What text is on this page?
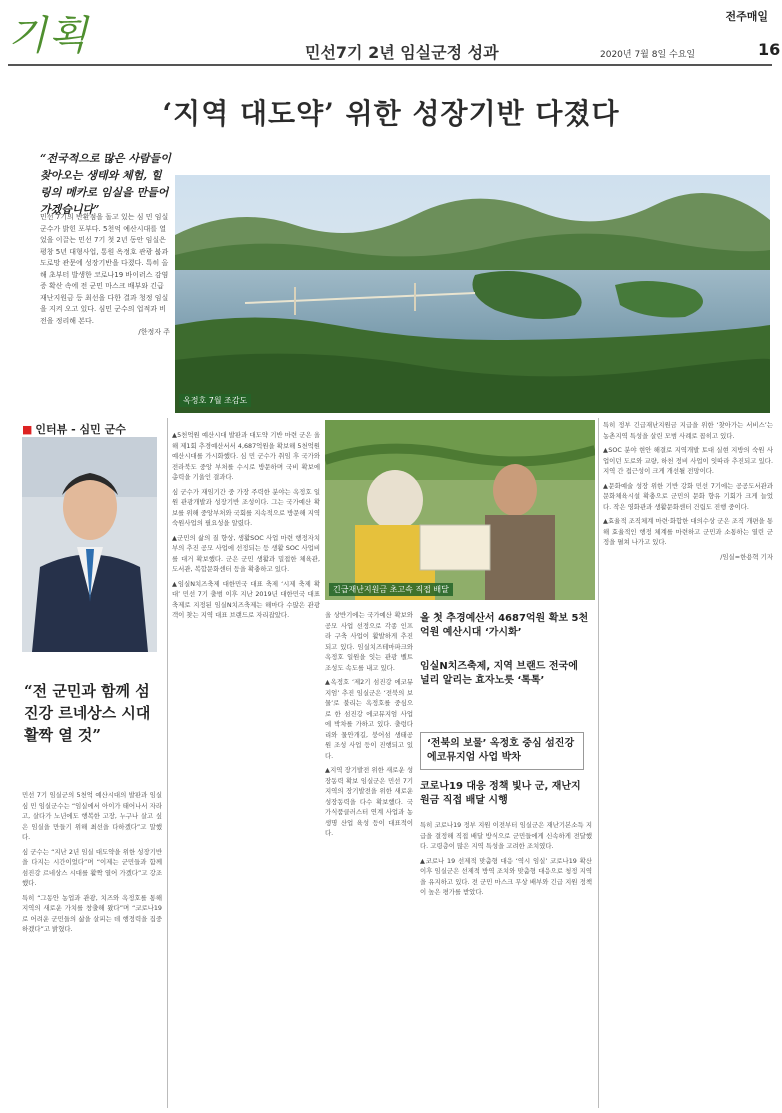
기획	민선7기 2년 임실군정 성과
전주매일
2020년 7월 8일 수요일	16
‘지역 대도약’ 위한 성장기반 다졌다
“전국적으로 많은 사람들이 찾아오는 생태와 체험, 힐링의 메카로 임실을 만들어 가겠습니다”
민선 7기의 반환점을 돌고 있는 심 민 임실군수가 밝힌 포부다. 5천억 예산시대를 열었을 이끌는 민선 7기 첫 2년 동안 임실은 평창 5년 대형사업, 통원 옥정호 관광 붐과 도로망 관문에 성장기반을 다졌다. 특히 올해 초부터 발생한 코로나19 바이러스 감염증 확산 속에 전 군민 마스크 배부와 긴급재난지원금 등 최선을 다한 결과 청정 임실을 지켜 오고 있다. 심민 군수의 업적과 비전을 정리해 본다.
/한정자 주
옥정호 7월 조감도
■ 인터뷰 - 심민 군수
“전 군민과 함께 섬진강 르네상스 시대 활짝 열 것”

민선 7기 임실군의 5천억 예산시대의 발판과 임실 심 민 임실군수는 “임실에서 아이가 태어나서 자라고, 살다가 노년에도 행복한 고장, 누구나 살고 싶은 임실을 만들기 위해 최선을 다하겠다”고 말했다.

심 군수는 “지난 2년 임실 대도약을 위한 성장기반을 다지는 시간이었다”며 “이제는 군민들과 함께 섬진강 르네상스 시대를 활짝 열어 가겠다”고 강조했다.

특히 “그동안 농업과 관광, 치즈와 옥정호를 통해 지역의 새로운 가치를 창출해 왔다”며 “코로나19로 어려운 군민들의 삶을 살피는 데 행정력을 집중하겠다”고 밝혔다.

▲5천억원 예산시대 발판과 대도약 기반 마련 군은 올해 제1회 추경예산서서 4,687억원을 확보해 5천억원 예산시대를 가시화했다. 심 민 군수가 취임 후 국가와 전라북도 중앙 부처를 수시로 방문하며 국비 확보에 총력을 기울인 결과다.

심 군수가 재임기간 중 가장 주력한 분야는 옥정호 일원 관광개발과 성장기반 조성이다. 그는 국가예산 확보를 위해 중앙부처와 국회를 지속적으로 방문해 지역 숙원사업의 필요성을 알렸다.

▲군민의 삶의 질 향상, 생활SOC 사업 마련 행정자치부의 추진 공모 사업에 선정되는 등 생활 SOC 사업비를 대거 확보했다. 군은 군민 생활과 밀접한 체육관, 도서관, 복합문화센터 등을 확충하고 있다.

▲임실N치즈축제 대한민국 대표 축제 ‘시제 축제 확대’ 민선 7기 출범 이후 지난 2019년 대한민국 대표 축제로 지정된 임실N치즈축제는 해마다 수많은 관광객이 찾는 지역 대표 브랜드로 자리잡았다.

긴급재난지원금 초고속 직접 배달

올 상반기에는 국가예산 확보와 공모 사업 선정으로 각종 인프라 구축 사업이 활발하게 추진되고 있다. 임실치즈테마파크와 옥정호 일원을 잇는 관광 벨트 조성도 속도를 내고 있다.

▲옥정호 ‘제2기 섬진강 에코뮤지엄’ 추진 임실군은 ‘전북의 보물’로 불리는 옥정호를 중심으로 한 섬진강 에코뮤지엄 사업에 박차를 가하고 있다. 출렁다리와 물안개길, 붕어섬 생태공원 조성 사업 등이 진행되고 있다.

▲지역 장기발전 위한 새로운 성장동력 확보 임실군은 민선 7기 지역의 장기발전을 위한 새로운 성장동력을 다수 확보했다. 국가식품클러스터 연계 사업과 농생명 산업 육성 등이 대표적이다.

올 첫 추경예산서 4687억원 확보 5천억원 예산시대 ‘가시화’
임실N치즈축제, 지역 브랜드 전국에 널리 알리는 효자노릇 ‘톡톡’
‘전북의 보물’ 옥정호 중심 섬진강 에코뮤지엄 사업 박차
코로나19 대응 정책 빛나 군, 재난지원금 직접 배달 시행

특히 코로나19 정부 지원 이전부터 임실군은 재난기본소득 지급을 결정해 직접 배달 방식으로 군민들에게 신속하게 전달했다. 고령층이 많은 지역 특성을 고려한 조치였다.

▲코로나 19 선제적 맞춤형 대응 ‘역시 임실’ 코로나19 확산 이후 임실군은 선제적 방역 조치와 맞춤형 대응으로 청정 지역을 유지하고 있다. 전 군민 마스크 무상 배부와 긴급 지원 정책이 높은 평가를 받았다.

특히 정부 긴급재난지원금 지급을 위한 ‘찾아가는 서비스’는 농촌지역 특성을 살린 모범 사례로 꼽히고 있다.

▲SOC 분야 현안 해결로 지역개발 토대 실현 지방의 숙원 사업이던 도로와 교량, 하천 정비 사업이 잇따라 추진되고 있다. 지역 간 접근성이 크게 개선될 전망이다.

▲문화예술 성장 위한 기반 강화 민선 7기에는 공공도서관과 문화체육시설 확충으로 군민의 문화 향유 기회가 크게 늘었다. 작은 영화관과 생활문화센터 건립도 진행 중이다.

▲효율적 조직체계 마련·화합한 대의수상 군은 조직 개편을 통해 효율적인 행정 체계를 마련하고 군민과 소통하는 열린 군정을 펼쳐 나가고 있다.

/임실=한용혁 기자
